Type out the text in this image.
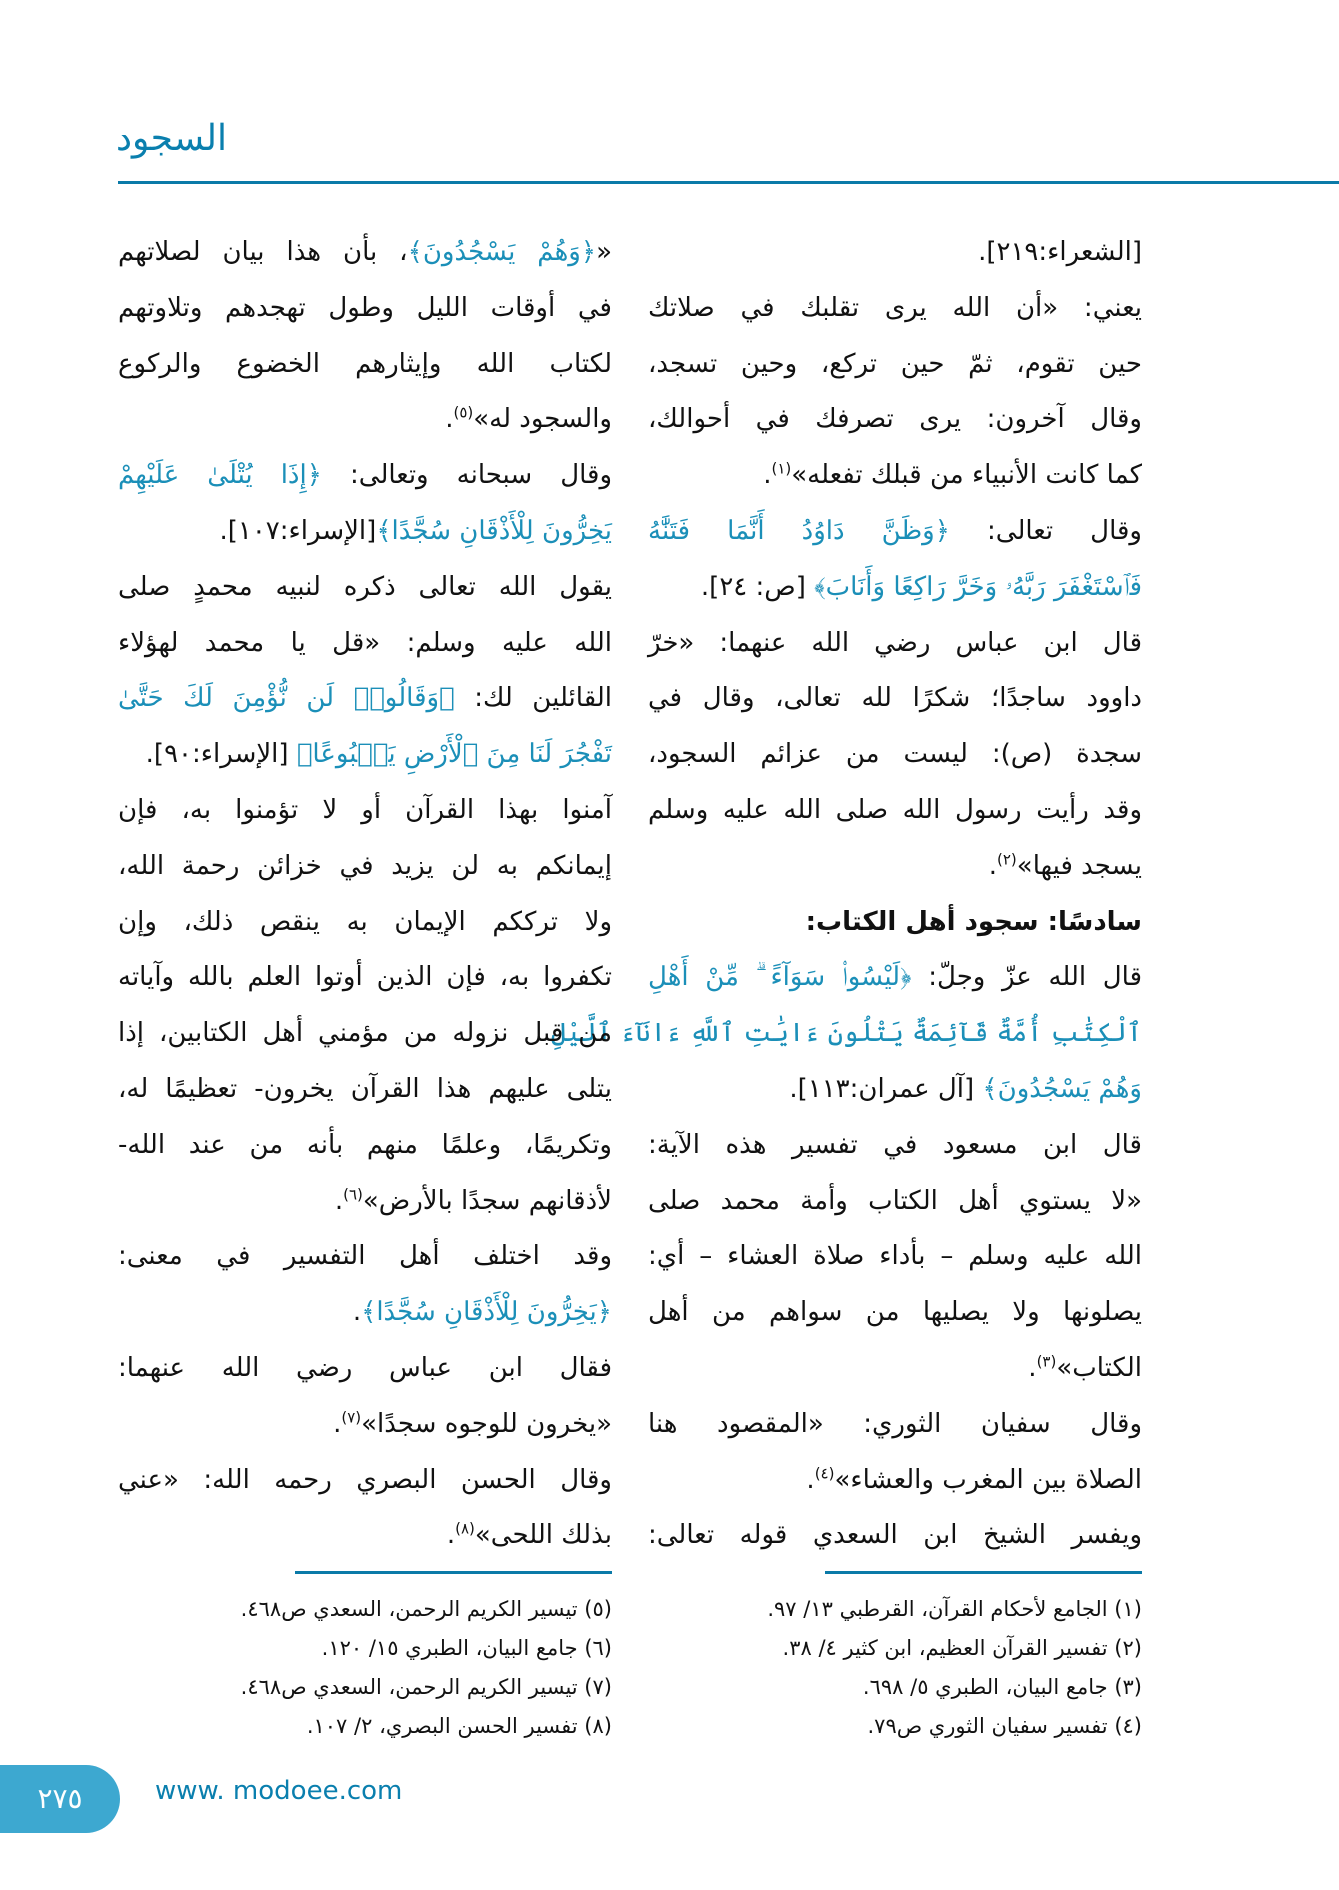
السجود
[الشعراء:٢١٩].
يعني: «أن الله يرى تقلبك في صلاتك
حين تقوم، ثمّ حين تركع، وحين تسجد،
وقال آخرون: يرى تصرفك في أحوالك،
كما كانت الأنبياء من قبلك تفعله»$^{(١)}$.
وقال تعالى: ﴿وَظَنَّ دَاوُدُ أَنَّمَا فَتَنَّٰهُ
فَٱسْتَغْفَرَ رَبَّهُۥ وَخَرَّ رَاكِعًا وَأَنَابَ﴾ [ص: ٢٤].
قال ابن عباس رضي الله عنهما: «خرّ
داوود ساجدًا؛ شكرًا لله تعالى، وقال في
سجدة (ص): ليست من عزائم السجود،
وقد رأيت رسول الله صلى الله عليه وسلم
يسجد فيها»$^{(٢)}$.
سادسًا: سجود أهل الكتاب:
قال الله عزّ وجلّ: ﴿لَيْسُوا۟ سَوَآءً ۗ مِّنْ أَهْلِ
ٱلْكِتَٰبِ أُمَّةٌ قَآئِمَةٌ يَتْلُونَ ءَايَٰتِ ٱللَّهِ ءَانَآءَ ٱلَّيْلِ
وَهُمْ يَسْجُدُونَ﴾ [آل عمران:١١٣].
قال ابن مسعود في تفسير هذه الآية:
«لا يستوي أهل الكتاب وأمة محمد صلى
الله عليه وسلم – بأداء صلاة العشاء – أي:
يصلونها ولا يصليها من سواهم من أهل
الكتاب»$^{(٣)}$.
وقال سفيان الثوري: «المقصود هنا
الصلاة بين المغرب والعشاء»$^{(٤)}$.
ويفسر الشيخ ابن السعدي قوله تعالى:
«﴿وَهُمْ يَسْجُدُونَ﴾، بأن هذا بيان لصلاتهم
في أوقات الليل وطول تهجدهم وتلاوتهم
لكتاب الله وإيثارهم الخضوع والركوع
والسجود له»$^{(٥)}$.
وقال سبحانه وتعالى: ﴿إِذَا يُتْلَىٰ عَلَيْهِمْ
يَخِرُّونَ لِلْأَذْقَانِ سُجَّدًا﴾[الإسراء:١٠٧].
يقول الله تعالى ذكره لنبيه محمدٍ صلى
الله عليه وسلم: «قل يا محمد لهؤلاء
القائلين لك: ﴿وَقَالُوا۟ لَن نُّؤْمِنَ لَكَ حَتَّىٰ
تَفْجُرَ لَنَا مِنَ ٱلْأَرْضِ يَنۢبُوعًا﴾ [الإسراء:٩٠].
آمنوا بهذا القرآن أو لا تؤمنوا به، فإن
إيمانكم به لن يزيد في خزائن رحمة الله،
ولا ترككم الإيمان به ينقص ذلك، وإن
تكفروا به، فإن الذين أوتوا العلم بالله وآياته
من قبل نزوله من مؤمني أهل الكتابين، إذا
يتلى عليهم هذا القرآن يخرون- تعظيمًا له،
وتكريمًا، وعلمًا منهم بأنه من عند الله-
لأذقانهم سجدًا بالأرض»$^{(٦)}$.
وقد اختلف أهل التفسير في معنى:
﴿يَخِرُّونَ لِلْأَذْقَانِ سُجَّدًا﴾.
فقال ابن عباس رضي الله عنهما:
«يخرون للوجوه سجدًا»$^{(٧)}$.
وقال الحسن البصري رحمه الله: «عني
بذلك اللحى»$^{(٨)}$.
(١) الجامع لأحكام القرآن، القرطبي ١٣/ ٩٧.
(٢) تفسير القرآن العظيم، ابن كثير ٤/ ٣٨.
(٣) جامع البيان، الطبري ٥/ ٦٩٨.
(٤) تفسير سفيان الثوري ص٧٩.
(٥) تيسير الكريم الرحمن، السعدي ص٤٦٨.
(٦) جامع البيان، الطبري ١٥/ ١٢٠.
(٧) تيسير الكريم الرحمن، السعدي ص٤٦٨.
(٨) تفسير الحسن البصري، ٢/ ١٠٧.
٢٧٥	www. modoee.com
